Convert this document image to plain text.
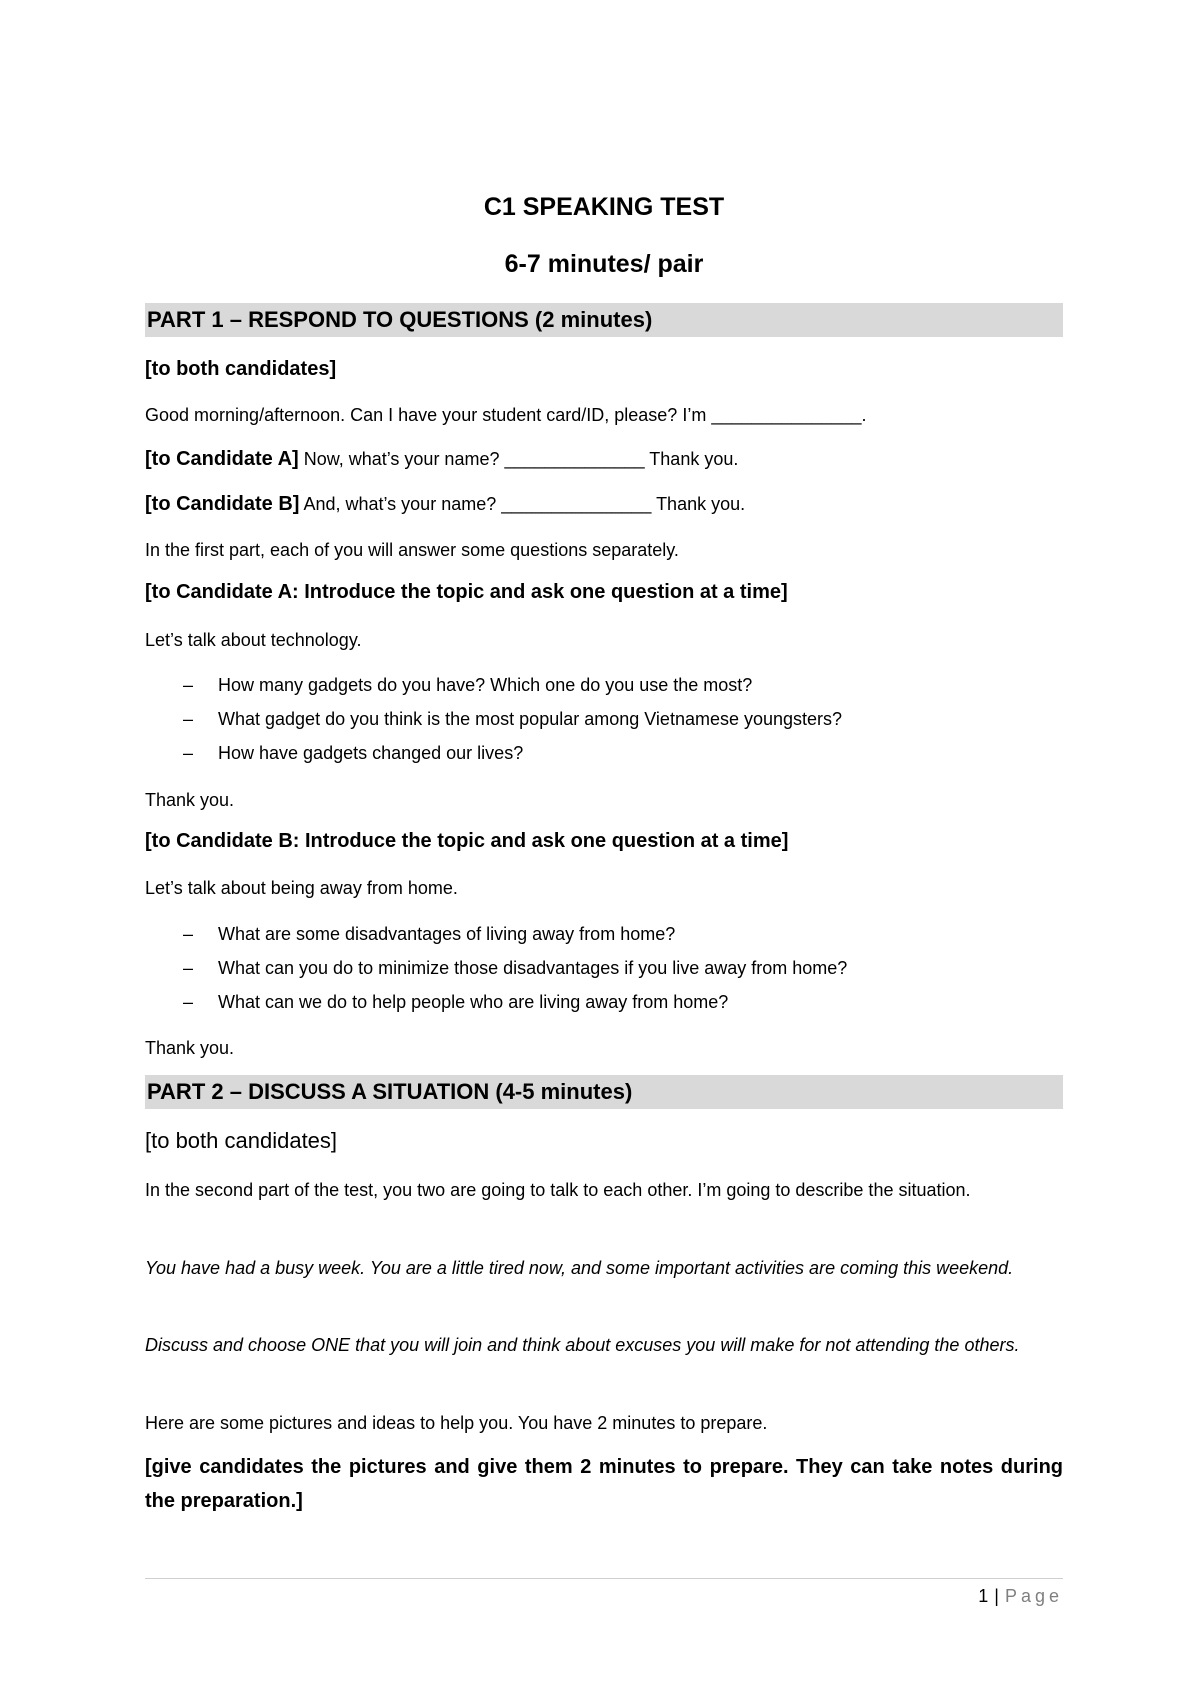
C1 SPEAKING TEST
6-7 minutes/ pair
PART 1 – RESPOND TO QUESTIONS (2 minutes)
[to both candidates]
Good morning/afternoon. Can I have your student card/ID, please? I’m _______________.
[to Candidate A] Now, what’s your name? ______________ Thank you.
[to Candidate B] And, what’s your name? _______________ Thank you.
In the first part, each of you will answer some questions separately.
[to Candidate A: Introduce the topic and ask one question at a time]
Let’s talk about technology.
– How many gadgets do you have? Which one do you use the most?
– What gadget do you think is the most popular among Vietnamese youngsters?
– How have gadgets changed our lives?
Thank you.
[to Candidate B: Introduce the topic and ask one question at a time]
Let’s talk about being away from home.
– What are some disadvantages of living away from home?
– What can you do to minimize those disadvantages if you live away from home?
– What can we do to help people who are living away from home?
Thank you.
PART 2 – DISCUSS A SITUATION (4-5 minutes)
[to both candidates]
In the second part of the test, you two are going to talk to each other. I’m going to describe the situation.
You have had a busy week. You are a little tired now, and some important activities are coming this weekend.
Discuss and choose ONE that you will join and think about excuses you will make for not attending the others.
Here are some pictures and ideas to help you. You have 2 minutes to prepare.
[give candidates the pictures and give them 2 minutes to prepare. They can take notes during the preparation.]
1 | Page
